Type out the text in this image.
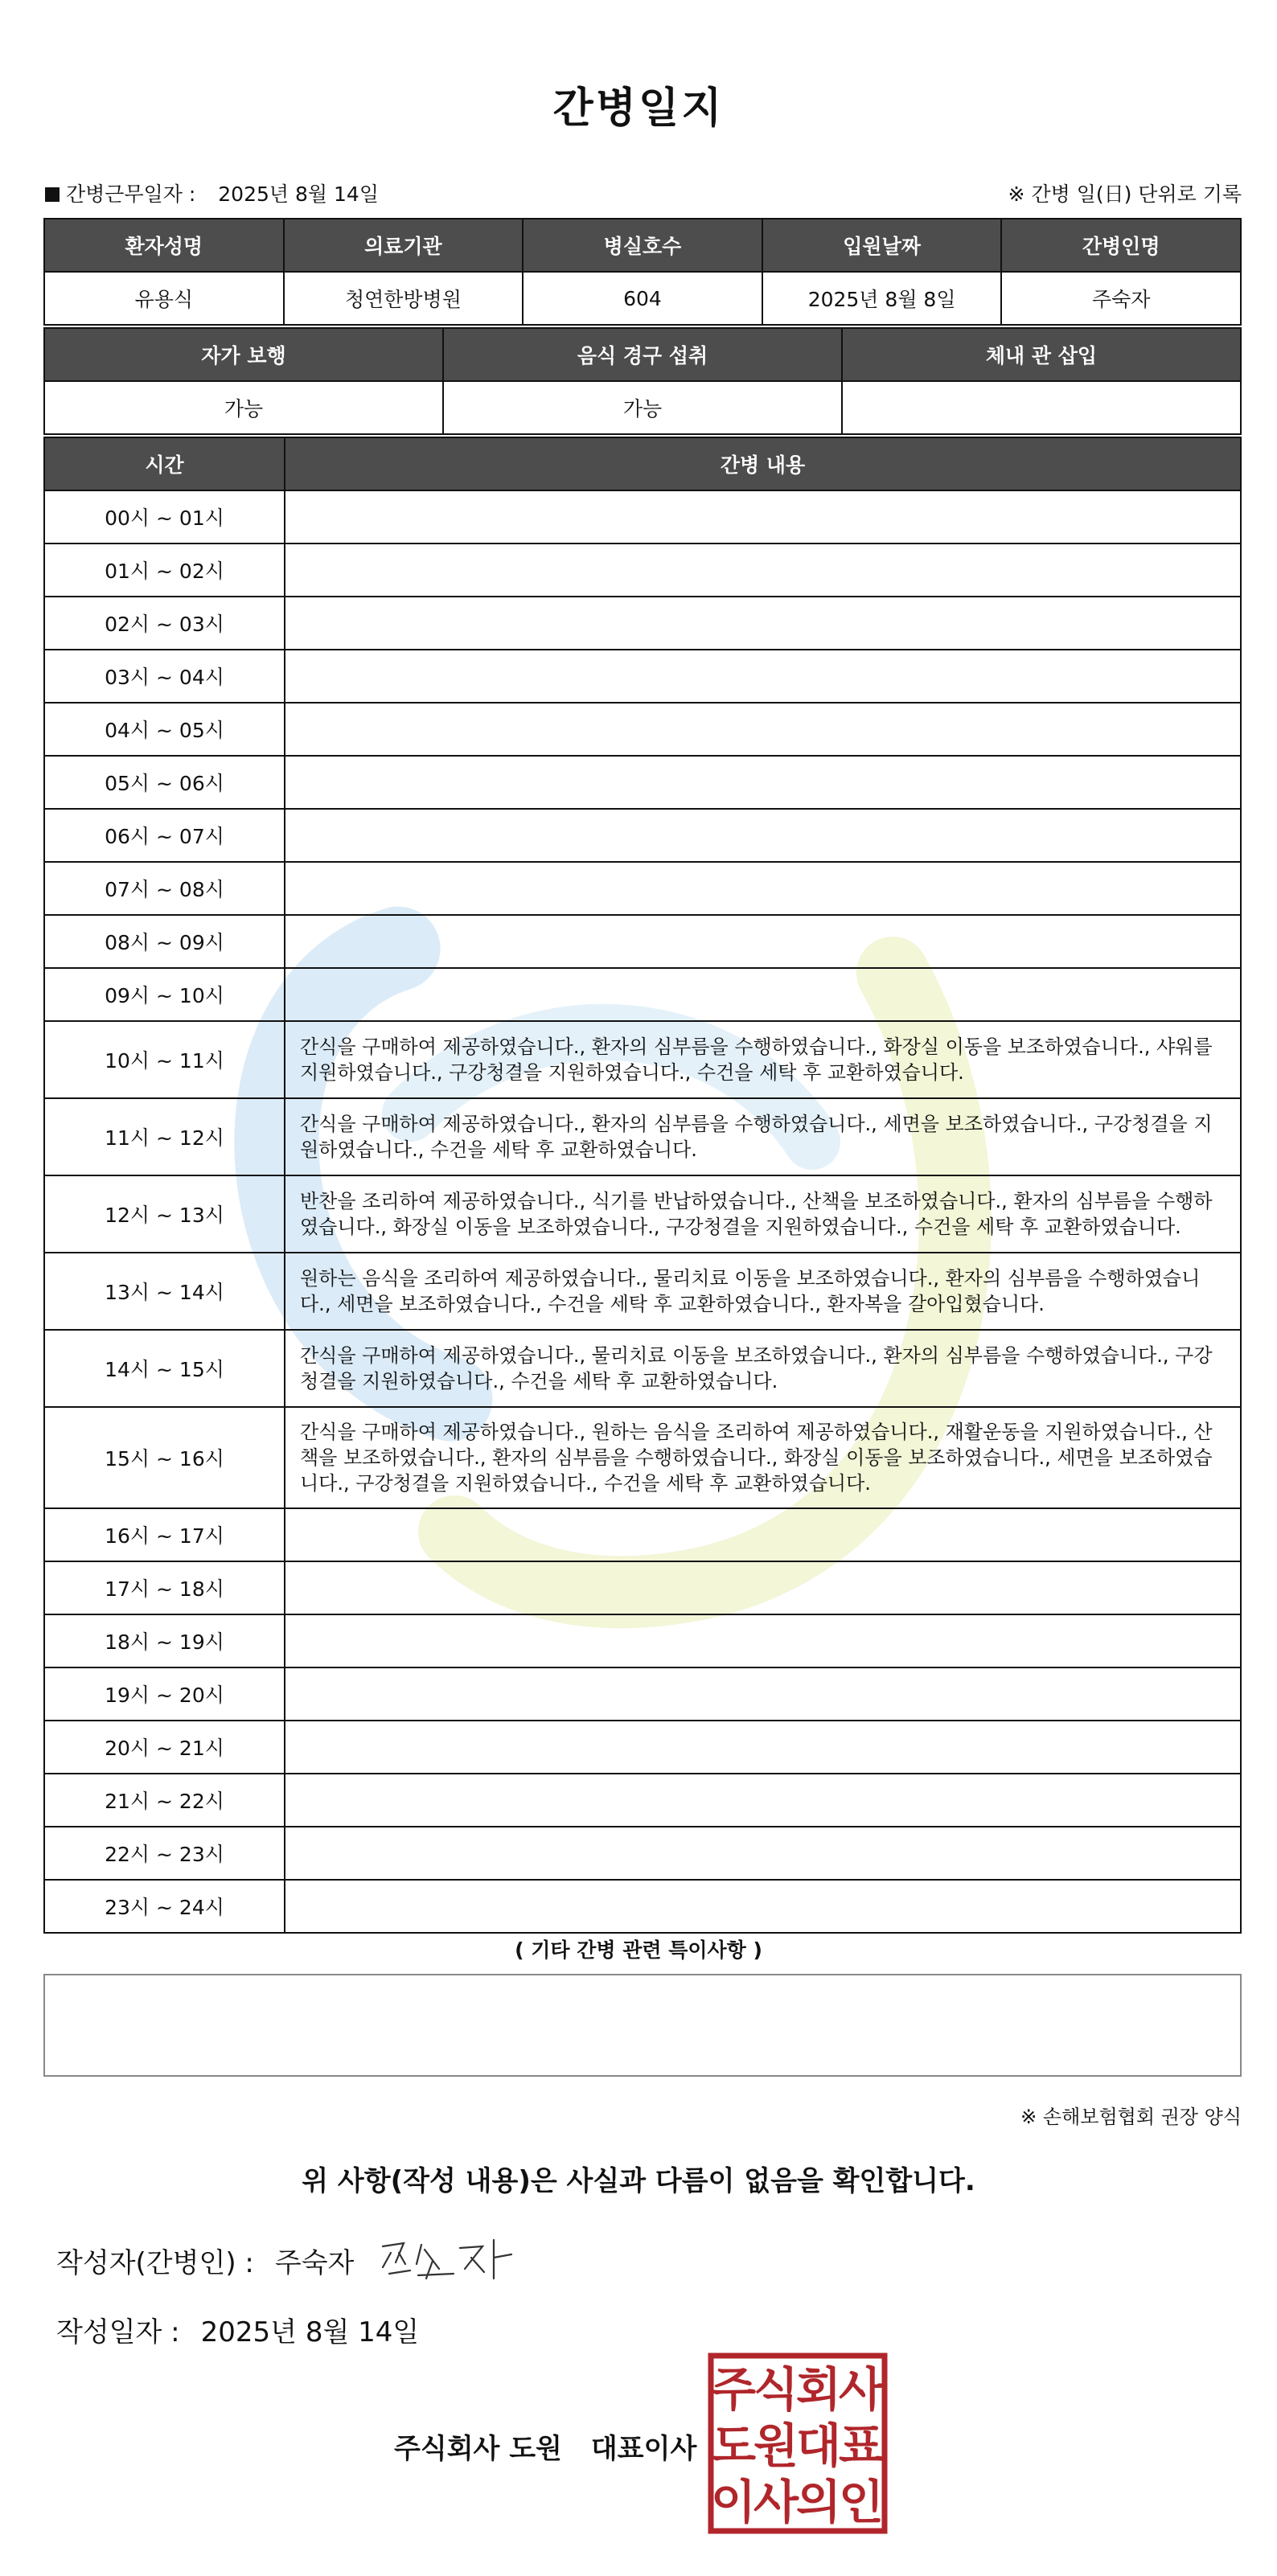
간병일지
간병근무일자 : 2025년 8월 14일	※ 간병 일(日) 단위로 기록
환자성명	의료기관	병실호수	입원날짜	간병인명
유용식	청연한방병원	604	2025년 8월 8일	주숙자
자가 보행	음식 경구 섭취	체내 관 삽입
가능	가능	
시간	간병 내용
00시 ~ 01시	
01시 ~ 02시	
02시 ~ 03시	
03시 ~ 04시	
04시 ~ 05시	
05시 ~ 06시	
06시 ~ 07시	
07시 ~ 08시	
08시 ~ 09시	
09시 ~ 10시	
10시 ~ 11시	간식을 구매하여 제공하였습니다., 환자의 심부름을 수행하였습니다., 화장실 이동을 보조하였습니다., 샤워를 지원하였습니다., 구강청결을 지원하였습니다., 수건을 세탁 후 교환하였습니다.
11시 ~ 12시	간식을 구매하여 제공하였습니다., 환자의 심부름을 수행하였습니다., 세면을 보조하였습니다., 구강청결을 지원하였습니다., 수건을 세탁 후 교환하였습니다.
12시 ~ 13시	반찬을 조리하여 제공하였습니다., 식기를 반납하였습니다., 산책을 보조하였습니다., 환자의 심부름을 수행하였습니다., 화장실 이동을 보조하였습니다., 구강청결을 지원하였습니다., 수건을 세탁 후 교환하였습니다.
13시 ~ 14시	원하는 음식을 조리하여 제공하였습니다., 물리치료 이동을 보조하였습니다., 환자의 심부름을 수행하였습니다., 세면을 보조하였습니다., 수건을 세탁 후 교환하였습니다., 환자복을 갈아입혔습니다.
14시 ~ 15시	간식을 구매하여 제공하였습니다., 물리치료 이동을 보조하였습니다., 환자의 심부름을 수행하였습니다., 구강청결을 지원하였습니다., 수건을 세탁 후 교환하였습니다.
15시 ~ 16시	간식을 구매하여 제공하였습니다., 원하는 음식을 조리하여 제공하였습니다., 재활운동을 지원하였습니다., 산책을 보조하였습니다., 환자의 심부름을 수행하였습니다., 화장실 이동을 보조하였습니다., 세면을 보조하였습니다., 구강청결을 지원하였습니다., 수건을 세탁 후 교환하였습니다.
16시 ~ 17시	
17시 ~ 18시	
18시 ~ 19시	
19시 ~ 20시	
20시 ~ 21시	
21시 ~ 22시	
22시 ~ 23시	
23시 ~ 24시	
( 기타 간병 관련 특이사항 )
※ 손해보험협회 권장 양식
위 사항(작성 내용)은 사실과 다름이 없음을 확인합니다.
작성자(간병인) : 주숙자
작성일자 : 2025년 8월 14일
주식회사 도원 대표이사
주
식
회
사
도
원
대
표
이
사
의
인
